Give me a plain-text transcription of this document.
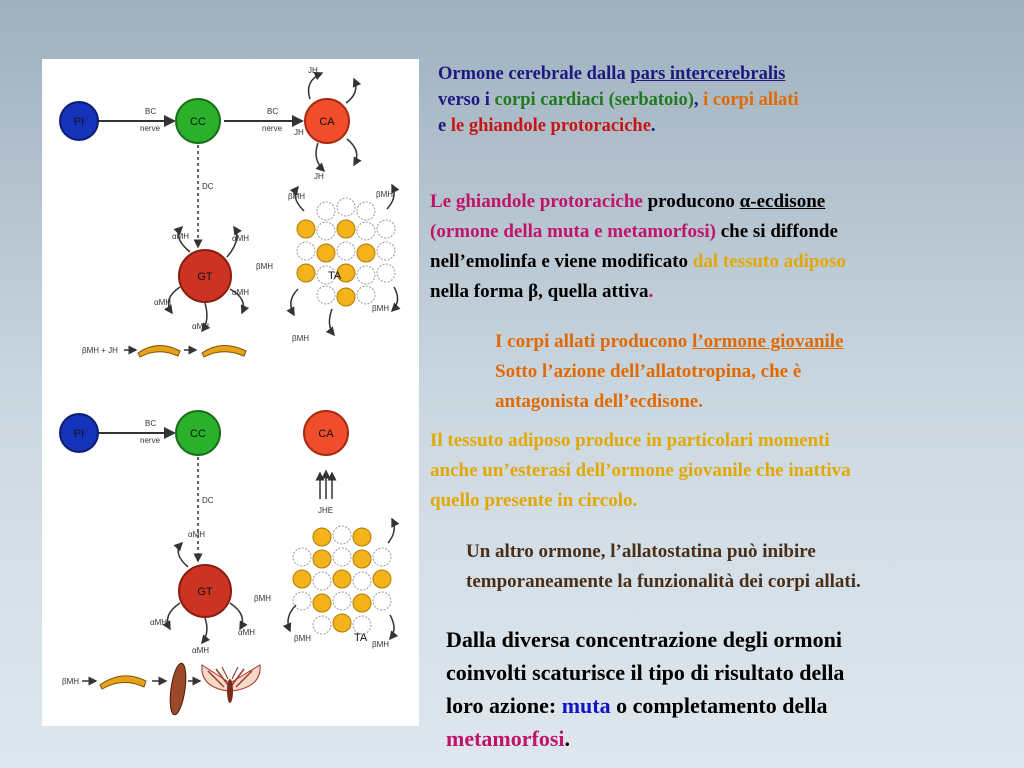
BC
nerve
BC
nerve
PI	CC	CA
JH
JH
JH
DC
GT
αMH	αMH
αMH
αMH
αMH
TA
βMH	βMH
βMH
βMH
βMH
βMH + JH
BC
nerve
PI	CC	CA
DC
JHE
GT
αMH
αMH
αMH
αMH
TA
βMH
βMH
βMH
βMH
Ormone cerebrale dalla pars intercerebralis
verso i corpi cardiaci (serbatoio), i corpi allati
e le ghiandole protoraciche.
Le ghiandole protoraciche producono α-ecdisone
(ormone della muta e metamorfosi) che si diffonde
nell’emolinfa e viene modificato dal tessuto adiposo
nella forma β, quella attiva.
I corpi allati producono l’ormone giovanile
Sotto l’azione dell’allatotropina, che è
antagonista dell’ecdisone.
Il tessuto adiposo produce in particolari momenti
anche un’esterasi dell’ormone giovanile che inattiva
quello presente in circolo.
Un altro ormone, l’allatostatina può inibire
temporaneamente la funzionalità dei corpi allati.
Dalla diversa concentrazione degli ormoni
coinvolti scaturisce il tipo di risultato della
loro azione: muta o completamento della
metamorfosi.
